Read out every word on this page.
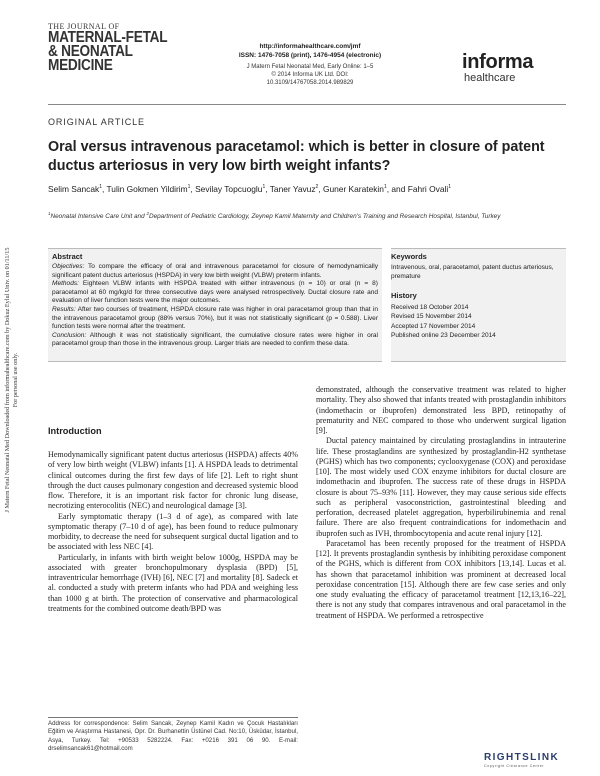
J Matern Fetal Neonatal Med Downloaded from informahealthcare.com by Dokuz Eylul Univ. on 01/11/15 For personal use only.
THE JOURNAL OF
MATERNAL-FETAL
& NEONATAL
MEDICINE
http://informahealthcare.com/jmf
ISSN: 1476-7058 (print), 1476-4954 (electronic)
J Matern Fetal Neonatal Med, Early Online: 1–5
© 2014 Informa UK Ltd. DOI: 10.3109/14767058.2014.989829
informa
healthcare
ORIGINAL ARTICLE
Oral versus intravenous paracetamol: which is better in closure of patent ductus arteriosus in very low birth weight infants?
Selim Sancak$^1$, Tulin Gokmen Yildirim$^1$, Sevilay Topcuoglu$^1$, Taner Yavuz$^2$, Guner Karatekin$^1$, and Fahri Ovali$^1$
$^1$Neonatal Intensive Care Unit and $^2$Department of Pediatric Cardiology, Zeynep Kamil Maternity and Children's Training and Research Hospital, Istanbul, Turkey
Abstract

Objectives: To compare the efficacy of oral and intravenous paracetamol for closure of hemodynamically significant patent ductus arteriosus (HSPDA) in very low birth weight (VLBW) preterm infants.

Methods: Eighteen VLBW infants with HSPDA treated with either intravenous (n = 10) or oral (n = 8) paracetamol at 60 mg/kg/d for three consecutive days were analysed retrospectively. Ductal closure rate and evaluation of liver function tests were the major outcomes.

Results: After two courses of treatment, HSPDA closure rate was higher in oral paracetamol group than that in the intravenous paracetamol group (88% versus 70%), but it was not statistically significant (p = 0.588). Liver function tests were normal after the treatment.

Conclusion: Although it was not statistically significant, the cumulative closure rates were higher in oral paracetamol group than those in the intravenous group. Larger trials are needed to confirm these data.

Keywords
Intravenous, oral, paracetamol, patent ductus arteriosus, premature
History
Received 18 October 2014
Revised 15 November 2014
Accepted 17 November 2014
Published online 23 December 2014
Introduction

Hemodynamically significant patent ductus arteriosus (HSPDA) affects 40% of very low birth weight (VLBW) infants [1]. A HSPDA leads to detrimental clinical outcomes during the first few days of life [2]. Left to right shunt through the duct causes pulmonary congestion and decreased systemic blood flow. Therefore, it is an important risk factor for chronic lung disease, necrotizing enterocolitis (NEC) and neurological damage [3].

Early symptomatic therapy (1–3 d of age), as compared with late symptomatic therapy (7–10 d of age), has been found to reduce pulmonary morbidity, to decrease the need for subsequent surgical ductal ligation and to be associated with less NEC [4].

Particularly, in infants with birth weight below 1000g, HSPDA may be associated with greater bronchopulmonary dysplasia (BPD) [5], intraventricular hemorrhage (IVH) [6], NEC [7] and mortality [8]. Sadeck et al. conducted a study with preterm infants who had PDA and weighing less than 1000 g at birth. The protection of conservative and pharmacological treatments for the combined outcome death/BPD was

demonstrated, although the conservative treatment was related to higher mortality. They also showed that infants treated with prostaglandin inhibitors (indomethacin or ibuprofen) demonstrated less BPD, retinopathy of prematurity and NEC compared to those who underwent surgical ligation [9].

Ductal patency maintained by circulating prostaglandins in intrauterine life. These prostaglandins are synthesized by prostaglandin-H2 synthetase (PGHS) which has two components; cyclooxygenase (COX) and peroxidase [10]. The most widely used COX enzyme inhibitors for ductal closure are indomethacin and ibuprofen. The success rate of these drugs in HSPDA closure is about 75–93% [11]. However, they may cause serious side effects such as peripheral vasoconstriction, gastrointestinal bleeding and perforation, decreased platelet aggregation, hyperbilirubinemia and renal failure. There are also frequent contraindications for indomethacin and ibuprofen such as IVH, thrombocytopenia and acute renal injury [12].

Paracetamol has been recently proposed for the treatment of HSPDA [12]. It prevents prostaglandin synthesis by inhibiting peroxidase component of the PGHS, which is different from COX inhibitors [13,14]. Lucas et al. has shown that paracetamol inhibition was prominent at decreased local peroxidase concentration [15]. Although there are few case series and only one study evaluating the efficacy of paracetamol treatment [12,13,16–22], there is not any study that compares intravenous and oral paracetamol in the treatment of HSPDA. We performed a retrospective

Address for correspondence: Selim Sancak, Zeynep Kamil Kadın ve Çocuk Hastalıkları Eğitim ve Araştırma Hastanesi, Opr. Dr. Burhanettin Üstünel Cad. No:10, Üsküdar, İstanbul, Asya, Turkey. Tel: +90533 5282224. Fax: +0216 391 06 90. E-mail: drselimsancak61@hotmail.com
RIGHTSLINK
Copyright Clearance Center
